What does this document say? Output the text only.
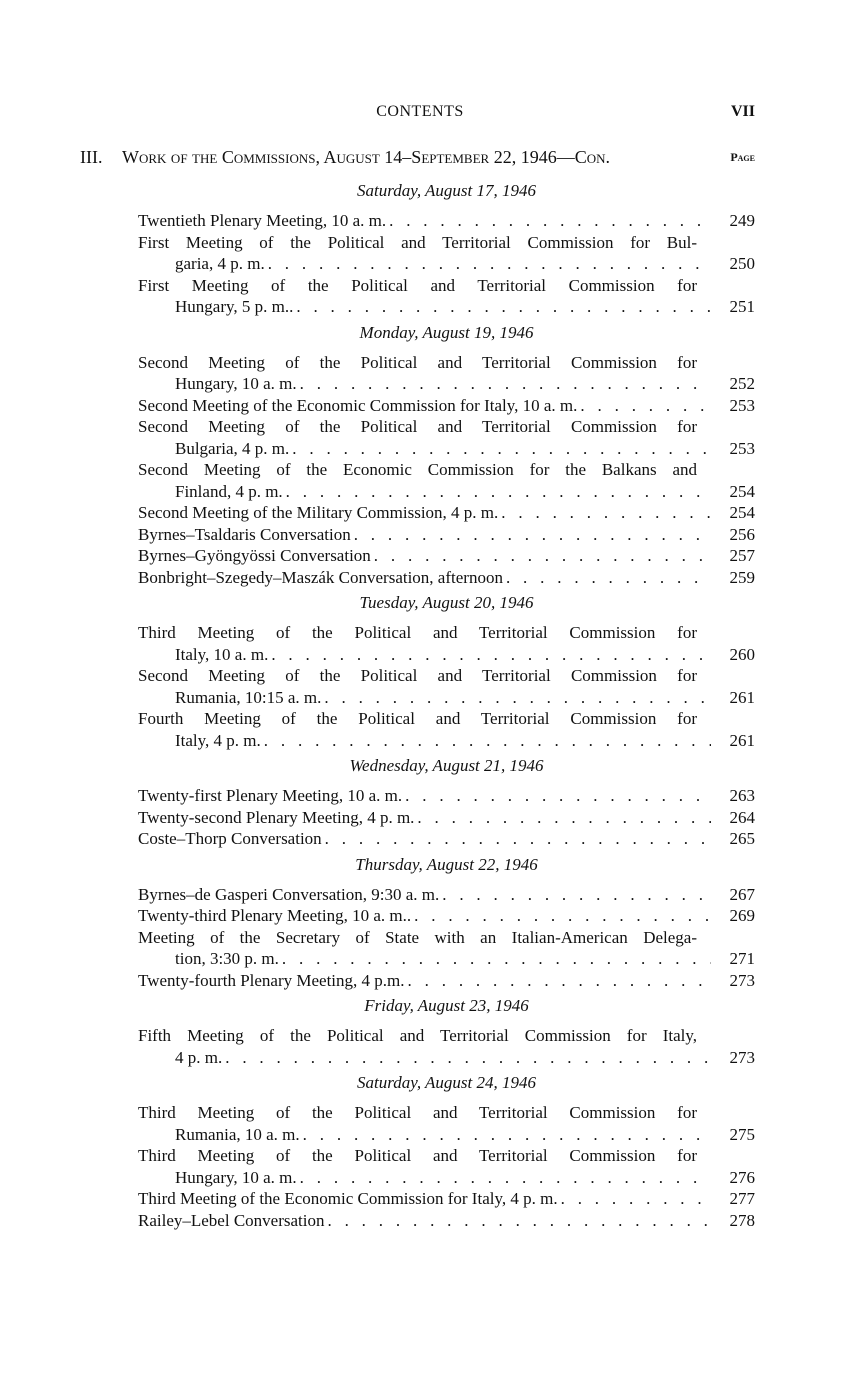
CONTENTS	VII
III. Work of the Commissions, August 14–September 22, 1946—Con.	Page
Saturday, August 17, 1946
Twentieth Plenary Meeting, 10 a. m. . . .	249
First Meeting of the Political and Territorial Commission for Bul-
garia, 4 p. m. . . .	250
First Meeting of the Political and Territorial Commission for
Hungary, 5 p. m.. . . .	251
Monday, August 19, 1946
Second Meeting of the Political and Territorial Commission for
Hungary, 10 a. m. . . .	252
Second Meeting of the Economic Commission for Italy, 10 a. m. . . .	253
Second Meeting of the Political and Territorial Commission for
Bulgaria, 4 p. m. . . .	253
Second Meeting of the Economic Commission for the Balkans and
Finland, 4 p. m. . . .	254
Second Meeting of the Military Commission, 4 p. m. . . .	254
Byrnes–Tsaldaris Conversation . . .	256
Byrnes–Gyöngyössi Conversation . . .	257
Bonbright–Szegedy–Maszák Conversation, afternoon . . .	259
Tuesday, August 20, 1946
Third Meeting of the Political and Territorial Commission for
Italy, 10 a. m. . . .	260
Second Meeting of the Political and Territorial Commission for
Rumania, 10:15 a. m. . . .	261
Fourth Meeting of the Political and Territorial Commission for
Italy, 4 p. m. . . .	261
Wednesday, August 21, 1946
Twenty-first Plenary Meeting, 10 a. m. . . .	263
Twenty-second Plenary Meeting, 4 p. m. . . .	264
Coste–Thorp Conversation . . .	265
Thursday, August 22, 1946
Byrnes–de Gasperi Conversation, 9:30 a. m. . . .	267
Twenty-third Plenary Meeting, 10 a. m.. . . .	269
Meeting of the Secretary of State with an Italian-American Delega-
tion, 3:30 p. m. . . .	271
Twenty-fourth Plenary Meeting, 4 p.m. . . .	273
Friday, August 23, 1946
Fifth Meeting of the Political and Territorial Commission for Italy,
4 p. m. . . .	273
Saturday, August 24, 1946
Third Meeting of the Political and Territorial Commission for
Rumania, 10 a. m. . . .	275
Third Meeting of the Political and Territorial Commission for
Hungary, 10 a. m. . . .	276
Third Meeting of the Economic Commission for Italy, 4 p. m. . . .	277
Railey–Lebel Conversation . . .	278
